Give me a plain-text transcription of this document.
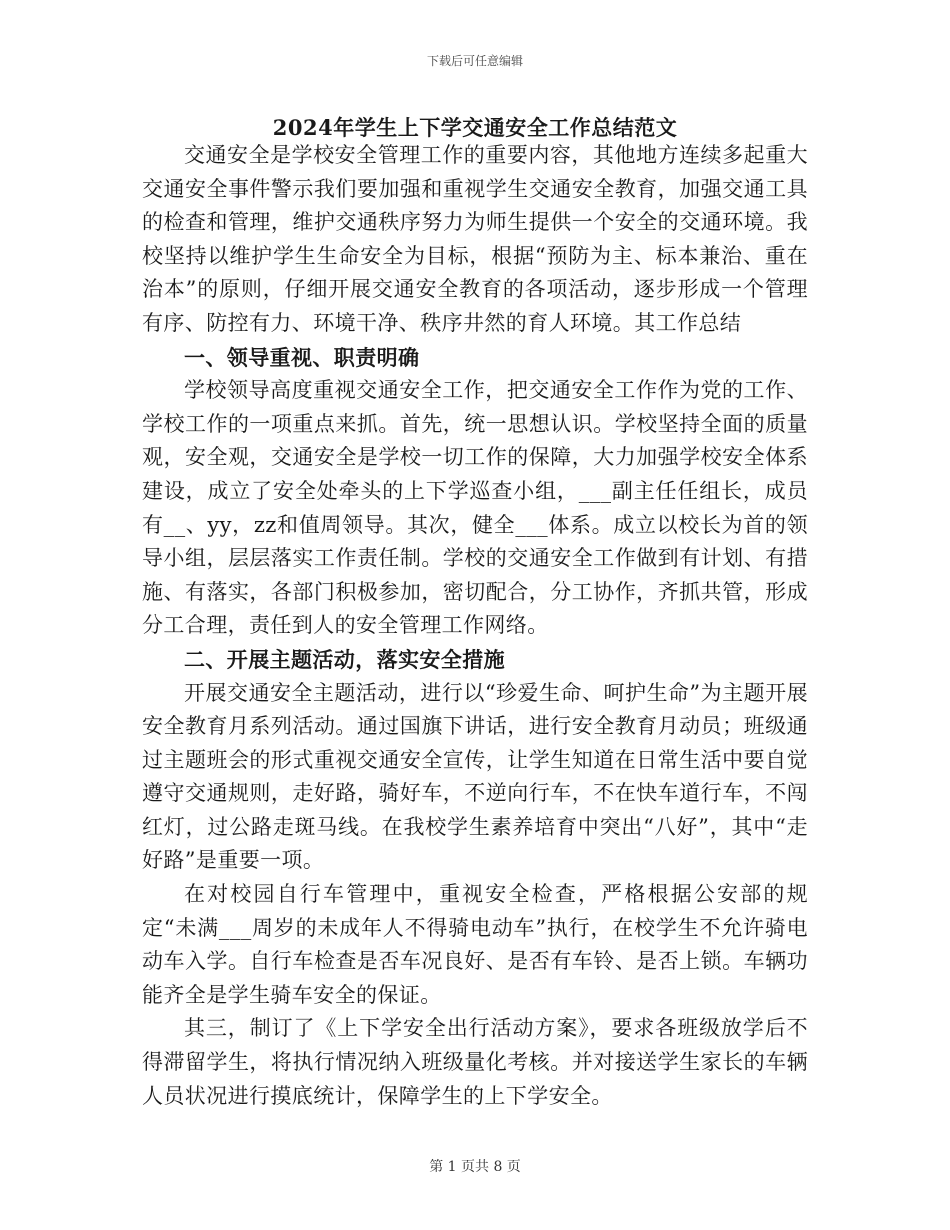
下载后可任意编辑
2024年学生上下学交通安全工作总结范文

交通安全是学校安全管理工作的重要内容，其他地方连续多起重大交通安全事件警示我们要加强和重视学生交通安全教育，加强交通工具的检查和管理，维护交通秩序努力为师生提供一个安全的交通环境。我校坚持以维护学生生命安全为目标，根据“预防为主、标本兼治、重在治本”的原则，仔细开展交通安全教育的各项活动，逐步形成一个管理有序、防控有力、环境干净、秩序井然的育人环境。其工作总结

一、领导重视、职责明确

学校领导高度重视交通安全工作，把交通安全工作作为党的工作、学校工作的一项重点来抓。首先，统一思想认识。学校坚持全面的质量观，安全观，交通安全是学校一切工作的保障，大力加强学校安全体系建设，成立了安全处牵头的上下学巡查小组，___副主任任组长，成员有__、yy，zz和值周领导。其次，健全___体系。成立以校长为首的领导小组，层层落实工作责任制。学校的交通安全工作做到有计划、有措施、有落实，各部门积极参加，密切配合，分工协作，齐抓共管，形成分工合理，责任到人的安全管理工作网络。

二、开展主题活动，落实安全措施

开展交通安全主题活动，进行以“珍爱生命、呵护生命”为主题开展安全教育月系列活动。通过国旗下讲话，进行安全教育月动员；班级通过主题班会的形式重视交通安全宣传，让学生知道在日常生活中要自觉遵守交通规则，走好路，骑好车，不逆向行车，不在快车道行车，不闯红灯，过公路走斑马线。在我校学生素养培育中突出“八好”，其中“走好路”是重要一项。

在对校园自行车管理中，重视安全检查，严格根据公安部的规定“未满___周岁的未成年人不得骑电动车”执行，在校学生不允许骑电动车入学。自行车检查是否车况良好、是否有车铃、是否上锁。车辆功能齐全是学生骑车安全的保证。

其三，制订了《上下学安全出行活动方案》，要求各班级放学后不得滞留学生，将执行情况纳入班级量化考核。并对接送学生家长的车辆人员状况进行摸底统计，保障学生的上下学安全。

第 1 页共 8 页
